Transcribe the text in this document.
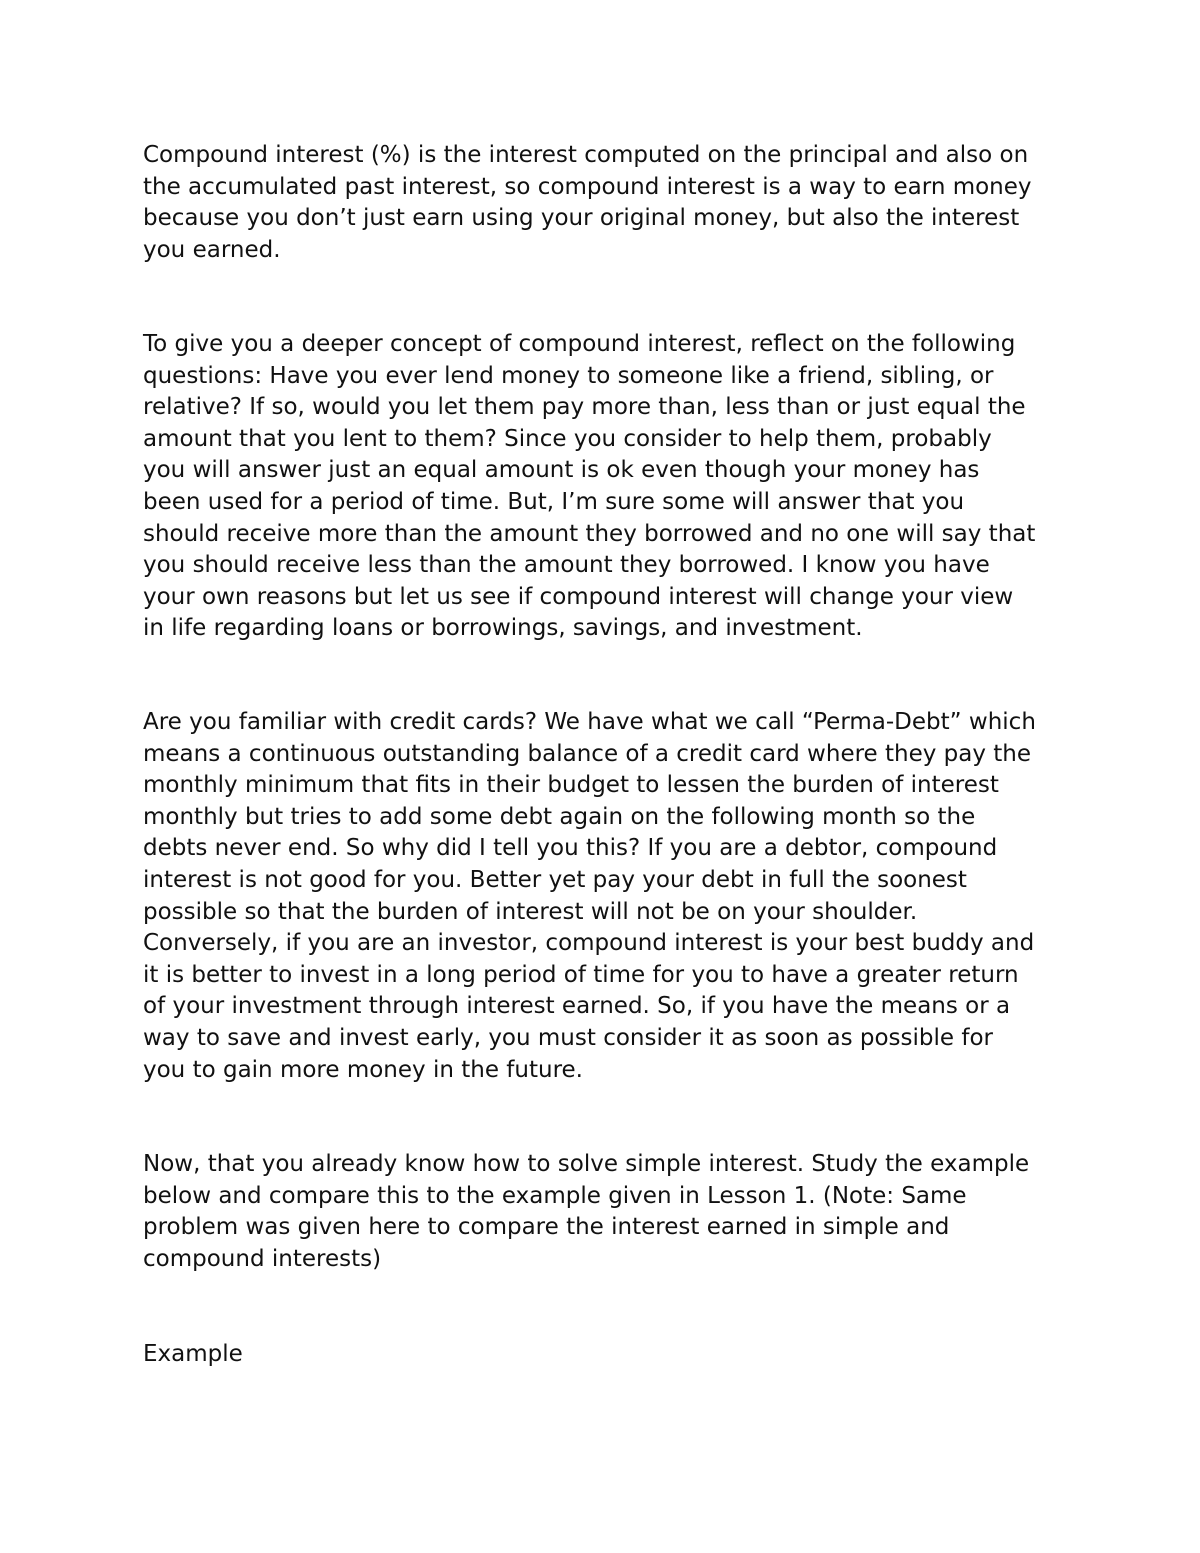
Compound interest (%) is the interest computed on the principal and also on
the accumulated past interest, so compound interest is a way to earn money
because you don’t just earn using your original money, but also the interest
you earned.

To give you a deeper concept of compound interest, reflect on the following
questions: Have you ever lend money to someone like a friend, sibling, or
relative? If so, would you let them pay more than, less than or just equal the
amount that you lent to them? Since you consider to help them, probably
you will answer just an equal amount is ok even though your money has
been used for a period of time. But, I’m sure some will answer that you
should receive more than the amount they borrowed and no one will say that
you should receive less than the amount they borrowed. I know you have
your own reasons but let us see if compound interest will change your view
in life regarding loans or borrowings, savings, and investment.

Are you familiar with credit cards? We have what we call “Perma-Debt” which
means a continuous outstanding balance of a credit card where they pay the
monthly minimum that fits in their budget to lessen the burden of interest
monthly but tries to add some debt again on the following month so the
debts never end. So why did I tell you this? If you are a debtor, compound
interest is not good for you. Better yet pay your debt in full the soonest
possible so that the burden of interest will not be on your shoulder.
Conversely, if you are an investor, compound interest is your best buddy and
it is better to invest in a long period of time for you to have a greater return
of your investment through interest earned. So, if you have the means or a
way to save and invest early, you must consider it as soon as possible for
you to gain more money in the future.

Now, that you already know how to solve simple interest. Study the example
below and compare this to the example given in Lesson 1. (Note: Same
problem was given here to compare the interest earned in simple and
compound interests)

Example
